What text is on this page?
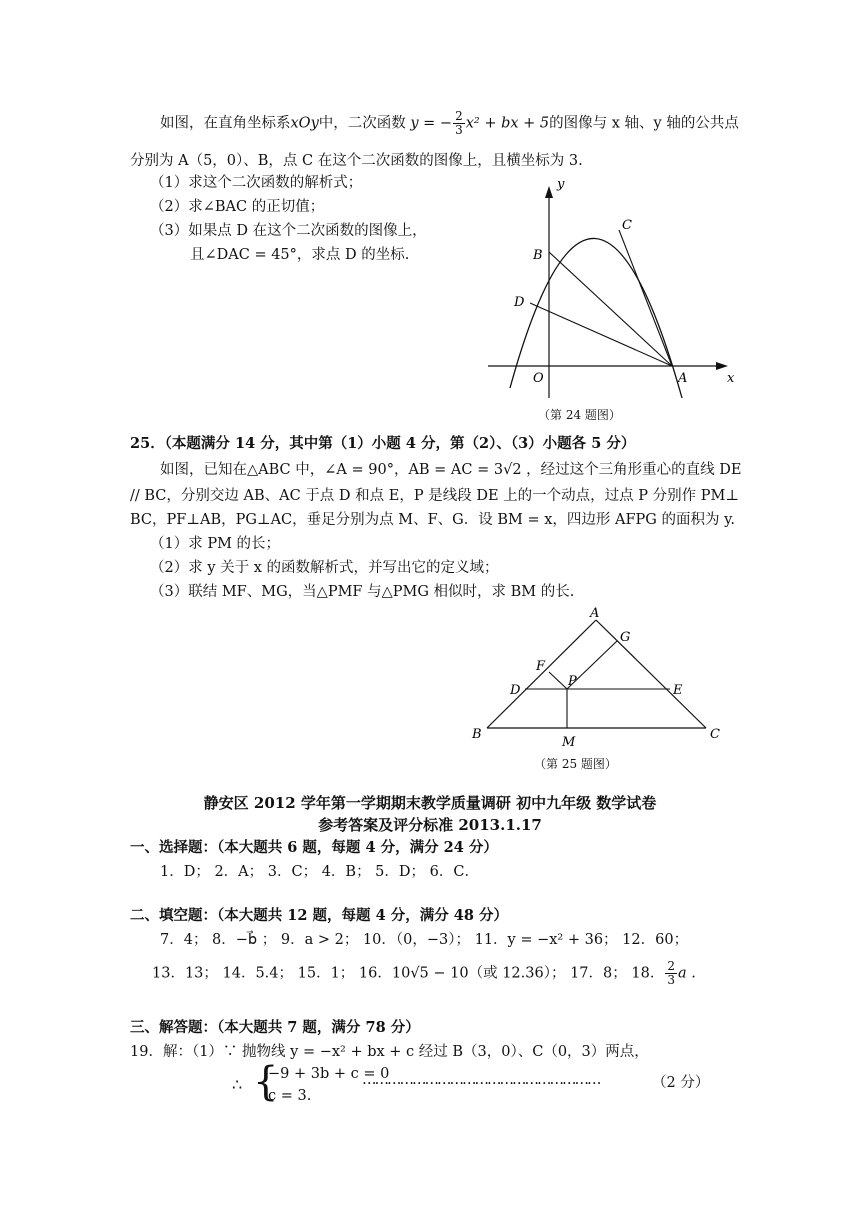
如图，在直角坐标系xOy中，二次函数 y = − $\frac{2}{3} x^2$ + bx + 5的图像与 x 轴、y 轴的公共点
分别为 A（5，0）、B，点 C 在这个二次函数的图像上，且横坐标为 3.
（1）求这个二次函数的解析式；
（2）求∠BAC 的正切值；
（3）如果点 D 在这个二次函数的图像上，
且∠DAC = 45°，求点 D 的坐标.
y
C
B
D
O	A	x
（第 24 题图）
25．（本题满分 14 分，其中第（1）小题 4 分，第（2）、（3）小题各 5 分）
如图，已知在△ABC 中，∠A = 90°，AB = AC = 3√2 ，经过这个三角形重心的直线 DE
// BC，分别交边 AB、AC 于点 D 和点 E，P 是线段 DE 上的一个动点，过点 P 分别作 PM⊥
BC，PF⊥AB，PG⊥AC，垂足分别为点 M、F、G．设 BM = x，四边形 AFPG 的面积为 y.
（1）求 PM 的长；
（2）求 y 关于 x 的函数解析式，并写出它的定义域；
（3）联结 MF、MG，当△PMF 与△PMG 相似时，求 BM 的长.
A
G
F
P
D	E
B
M
C
（第 25 题图）
静安区 2012 学年第一学期期末教学质量调研 初中九年级 数学试卷
参考答案及评分标准 2013.1.17
一、选择题：（本大题共 6 题，每题 4 分，满分 24 分）
1．D； 2．A； 3．C； 4．B； 5．D； 6．C．
二、填空题：（本大题共 12 题，每题 4 分，满分 48 分）
7．4； 8．−b⃗ ； 9．a > 2； 10．（0，−3）； 11．y = −x² + 36； 12．60；
13．13； 14．5.4； 15．1； 16．10√5 − 10（或 12.36）； 17．8； 18． $\frac{2}{3}$ a .
三、解答题：（本大题共 7 题，满分 78 分）
19．解：（1）∵ 抛物线 y = −x² + bx + c 经过 B（3，0）、C（0，3）两点，
∴ {
−9 + 3b + c = 0
c = 3.
…………………………………………………	（2 分）
